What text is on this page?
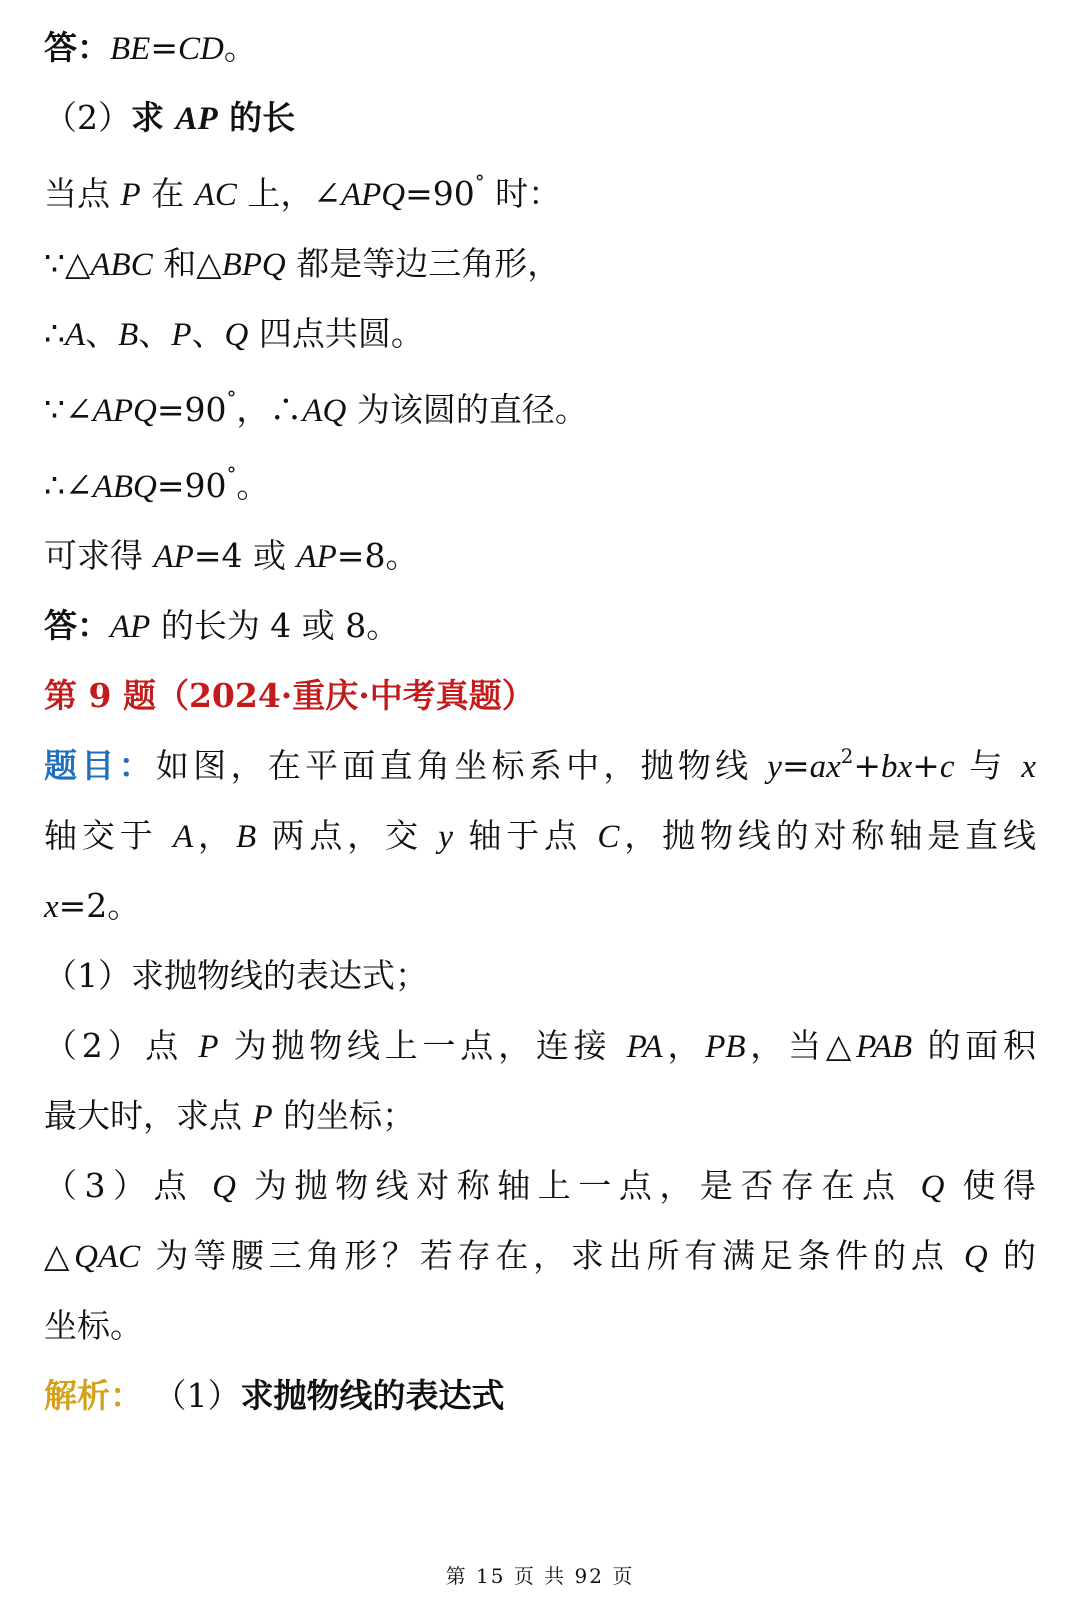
答：BE=CD。
（2）求 AP 的长
当点 P 在 AC 上，∠APQ=90° 时：
∵△ABC 和△BPQ 都是等边三角形，
∴A、B、P、Q 四点共圆。
∵∠APQ=90°，∴AQ 为该圆的直径。
∴∠ABQ=90°。
可求得 AP=4 或 AP=8。
答：AP 的长为 4 或 8。
第 9 题（2024·重庆·中考真题）
题目：如图，在平面直角坐标系中，抛物线 $y=ax^2+bx+c$ 与 x
轴交于 A，B 两点，交 y 轴于点 C，抛物线的对称轴是直线
x=2。
（1）求抛物线的表达式；
（2）点 P 为抛物线上一点，连接 PA，PB，当△PAB 的面积
最大时，求点 P 的坐标；
（3）点 Q 为抛物线对称轴上一点，是否存在点 Q 使得
△QAC 为等腰三角形？若存在，求出所有满足条件的点 Q 的
坐标。
解析： （1）求抛物线的表达式
第 15 页 共 92 页
